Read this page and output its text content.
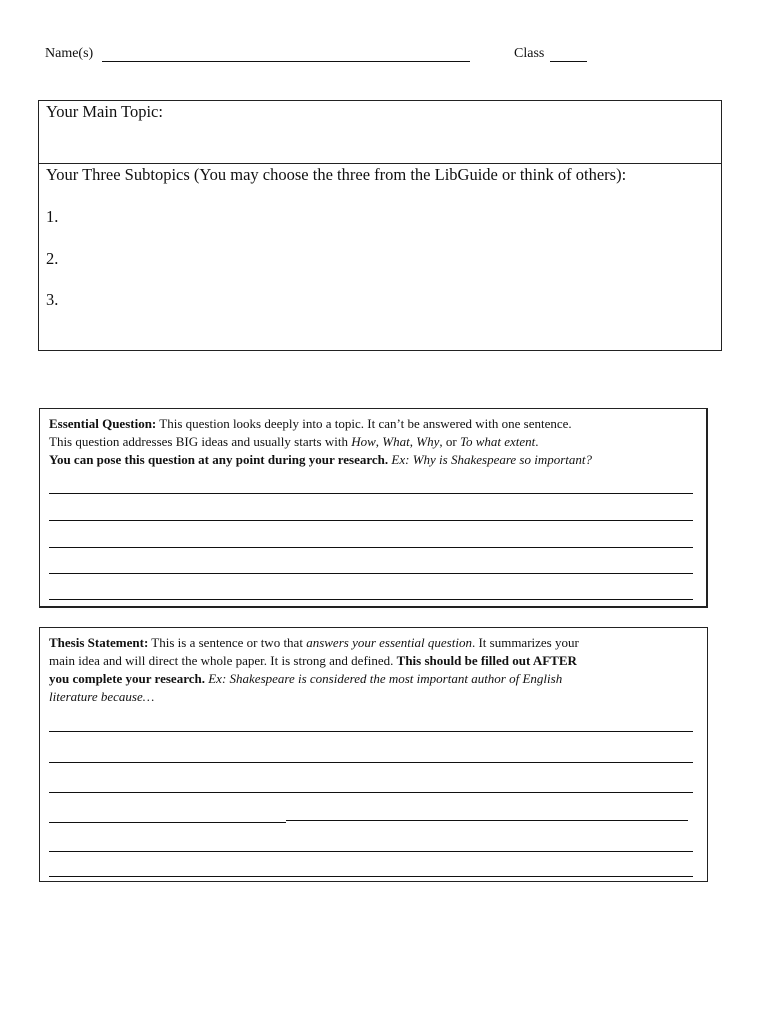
Name(s)	Class
Your Main Topic:
Your Three Subtopics (You may choose the three from the LibGuide or think of others):
1.
2.
3.
Essential Question: This question looks deeply into a topic. It can’t be answered with one sentence.
This question addresses BIG ideas and usually starts with How, What, Why, or To what extent.
You can pose this question at any point during your research. Ex: Why is Shakespeare so important?
Thesis Statement: This is a sentence or two that answers your essential question. It summarizes your
main idea and will direct the whole paper. It is strong and defined. This should be filled out AFTER
you complete your research. Ex: Shakespeare is considered the most important author of English
literature because…
